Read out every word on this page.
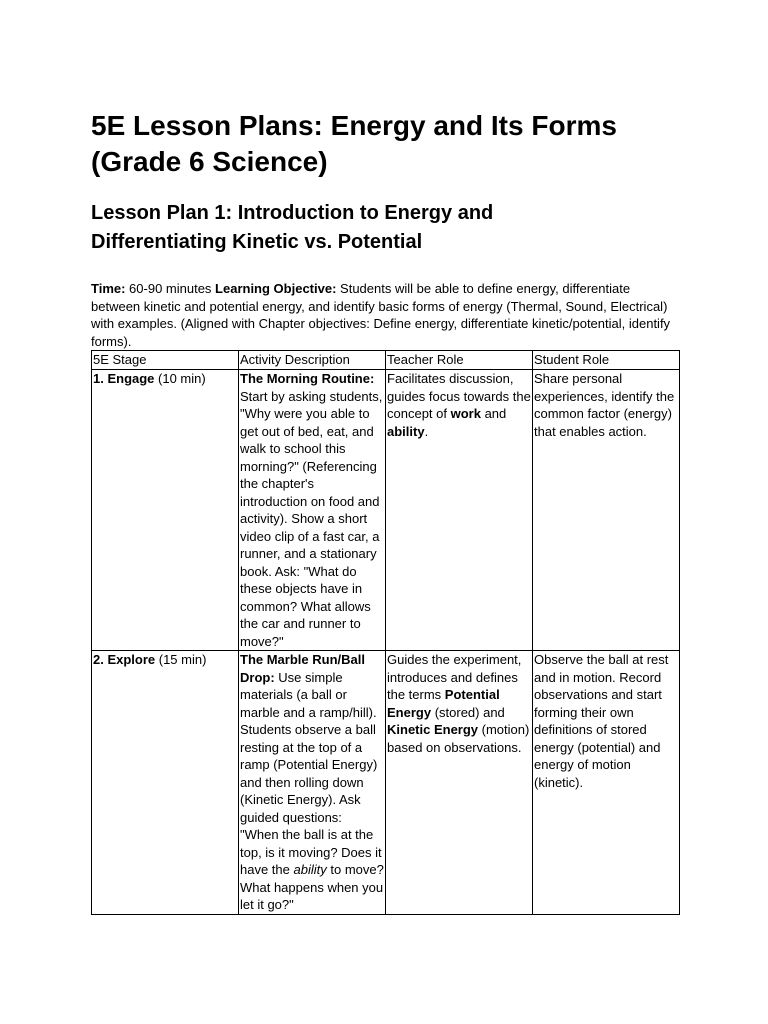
5E Lesson Plans: Energy and Its Forms
(Grade 6 Science)
Lesson Plan 1: Introduction to Energy and
Differentiating Kinetic vs. Potential

Time: 60-90 minutes Learning Objective: Students will be able to define energy, differentiate between kinetic and potential energy, and identify basic forms of energy (Thermal, Sound, Electrical) with examples. (Aligned with Chapter objectives: Define energy, differentiate kinetic/potential, identify forms).

5E Stage	Activity Description	Teacher Role	Student Role
1. Engage (10 min)	The Morning Routine: Start by asking students, "Why were you able to get out of bed, eat, and walk to school this morning?" (Referencing the chapter's introduction on food and activity). Show a short video clip of a fast car, a runner, and a stationary book. Ask: "What do these objects have in common? What allows the car and runner to move?"	Facilitates discussion, guides focus towards the concept of work and ability.	Share personal experiences, identify the common factor (energy) that enables action.
2. Explore (15 min)	The Marble Run/Ball Drop: Use simple materials (a ball or marble and a ramp/hill). Students observe a ball resting at the top of a ramp (Potential Energy) and then rolling down (Kinetic Energy). Ask guided questions: "When the ball is at the top, is it moving? Does it have the ability to move? What happens when you let it go?"	Guides the experiment, introduces and defines the terms Potential Energy (stored) and Kinetic Energy (motion) based on observations.	Observe the ball at rest and in motion. Record observations and start forming their own definitions of stored energy (potential) and energy of motion (kinetic).
